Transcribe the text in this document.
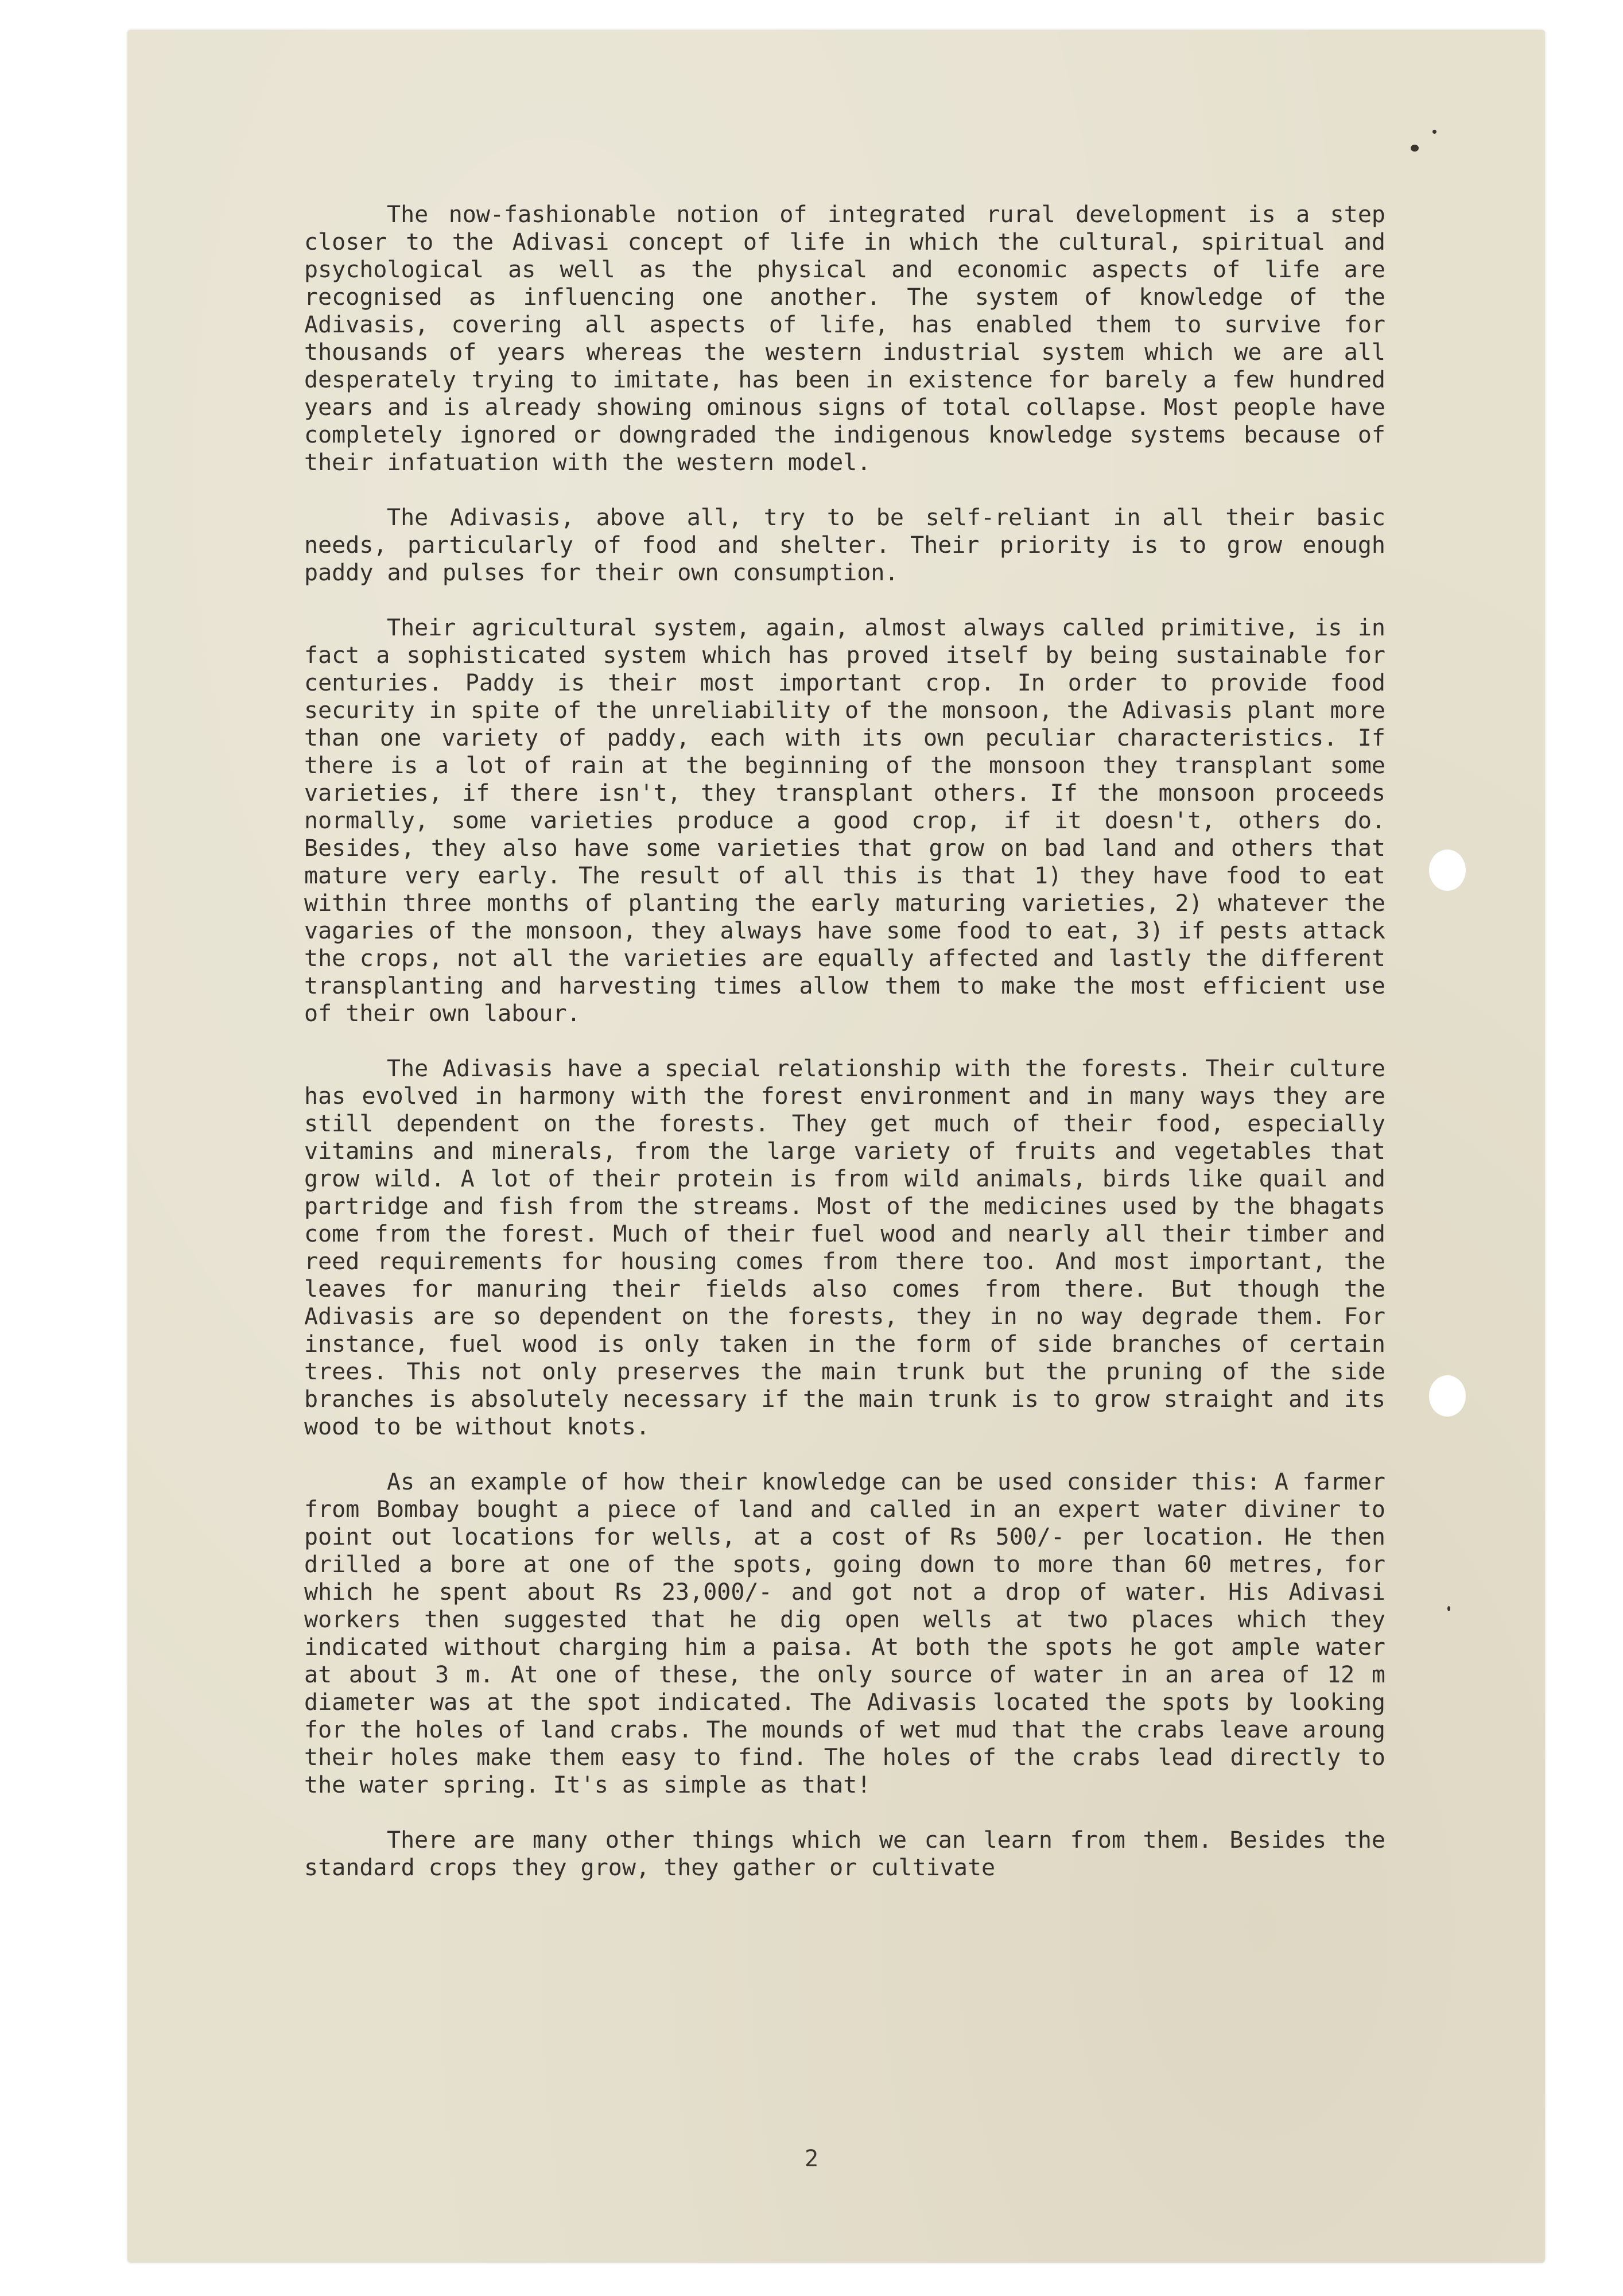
The now-fashionable notion of integrated rural development is a step closer to the Adivasi concept of life in which the cultural, spiritual and psychological as well as the physical and economic aspects of life are recognised as influencing one another. The system of knowledge of the Adivasis, covering all aspects of life, has enabled them to survive for thousands of years whereas the western industrial system which we are all desperately trying to imitate, has been in existence for barely a few hundred years and is already showing ominous signs of total collapse. Most people have completely ignored or downgraded the indigenous knowledge systems because of their infatuation with the western model.

The Adivasis, above all, try to be self-reliant in all their basic needs, particularly of food and shelter. Their priority is to grow enough paddy and pulses for their own consumption.

Their agricultural system, again, almost always called primitive, is in fact a sophisticated system which has proved itself by being sustainable for centuries. Paddy is their most important crop. In order to provide food security in spite of the unreliability of the monsoon, the Adivasis plant more than one variety of paddy, each with its own peculiar characteristics. If there is a lot of rain at the beginning of the monsoon they transplant some varieties, if there isn't, they transplant others. If the monsoon proceeds normally, some varieties produce a good crop, if it doesn't, others do. Besides, they also have some varieties that grow on bad land and others that mature very early. The result of all this is that 1) they have food to eat within three months of planting the early maturing varieties, 2) whatever the vagaries of the monsoon, they always have some food to eat, 3) if pests attack the crops, not all the varieties are equally affected and lastly the different transplanting and harvesting times allow them to make the most efficient use of their own labour.

The Adivasis have a special relationship with the forests. Their culture has evolved in harmony with the forest environment and in many ways they are still dependent on the forests. They get much of their food, especially vitamins and minerals, from the large variety of fruits and vegetables that grow wild. A lot of their protein is from wild animals, birds like quail and partridge and fish from the streams. Most of the medicines used by the bhagats come from the forest. Much of their fuel wood and nearly all their timber and reed requirements for housing comes from there too. And most important, the leaves for manuring their fields also comes from there. But though the Adivasis are so dependent on the forests, they in no way degrade them. For instance, fuel wood is only taken in the form of side branches of certain trees. This not only preserves the main trunk but the pruning of the side branches is absolutely necessary if the main trunk is to grow straight and its wood to be without knots.

As an example of how their knowledge can be used consider this: A farmer from Bombay bought a piece of land and called in an expert water diviner to point out locations for wells, at a cost of Rs 500/- per location. He then drilled a bore at one of the spots, going down to more than 60 metres, for which he spent about Rs 23,000/- and got not a drop of water. His Adivasi workers then suggested that he dig open wells at two places which they indicated without charging him a paisa. At both the spots he got ample water at about 3 m. At one of these, the only source of water in an area of 12 m diameter was at the spot indicated. The Adivasis located the spots by looking for the holes of land crabs. The mounds of wet mud that the crabs leave aroung their holes make them easy to find. The holes of the crabs lead directly to the water spring. It's as simple as that!

There are many other things which we can learn from them. Besides the standard crops they grow, they gather or cultivate

2
